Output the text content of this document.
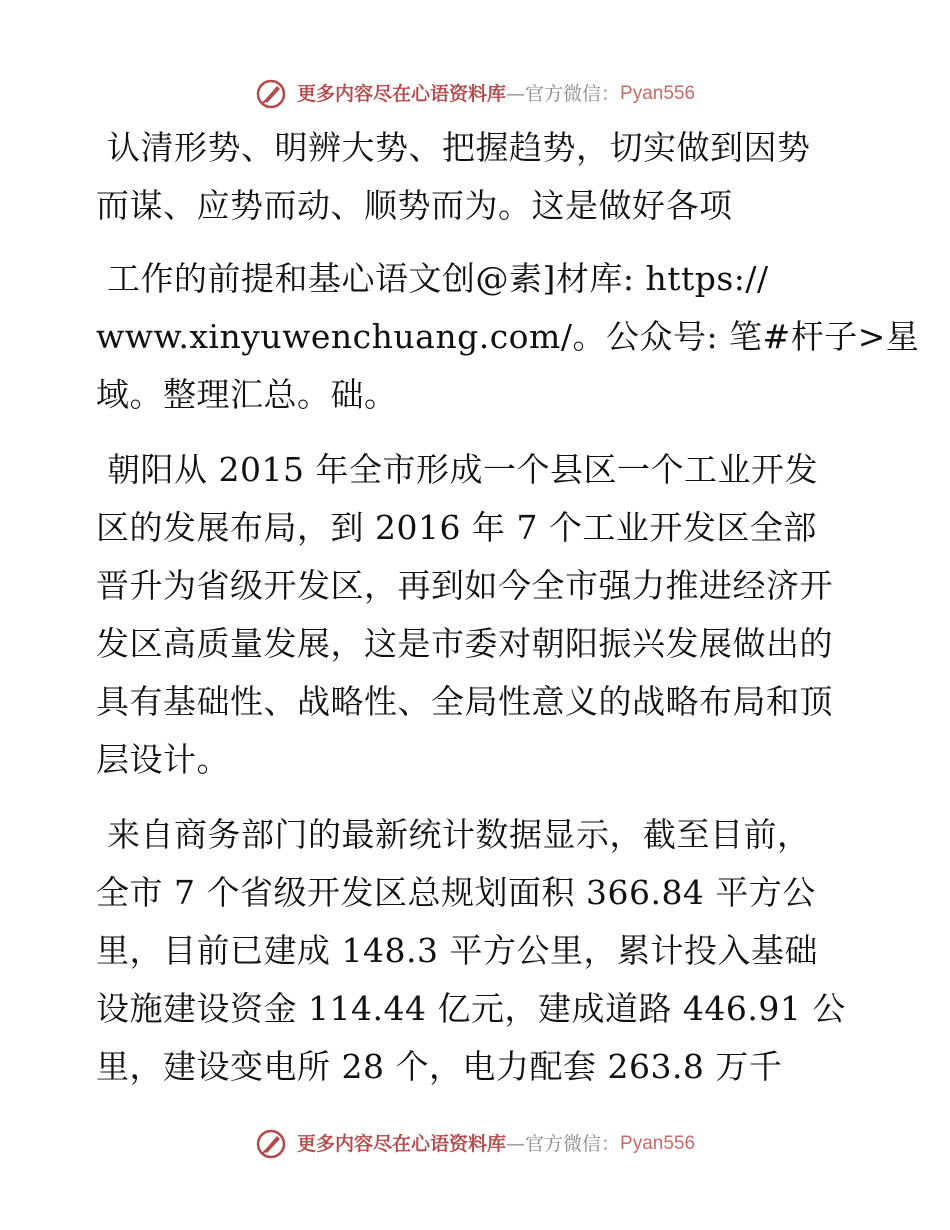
更多内容尽在心语资料库—官方微信：Pyan556
认清形势、明辨大势、把握趋势，切实做到因势
而谋、应势而动、顺势而为。这是做好各项
工作的前提和基心语文创@素]材库: https://
www.xinyuwenchuang.com/。公众号: 笔#杆子>星
域。整理汇总。础。
朝阳从 2015 年全市形成一个县区一个工业开发
区的发展布局，到 2016 年 7 个工业开发区全部
晋升为省级开发区，再到如今全市强力推进经济开
发区高质量发展，这是市委对朝阳振兴发展做出的
具有基础性、战略性、全局性意义的战略布局和顶
层设计。
来自商务部门的最新统计数据显示，截至目前，
全市 7 个省级开发区总规划面积 366.84 平方公
里，目前已建成 148.3 平方公里，累计投入基础
设施建设资金 114.44 亿元，建成道路 446.91 公
里，建设变电所 28 个，电力配套 263.8 万千
更多内容尽在心语资料库—官方微信：Pyan556
